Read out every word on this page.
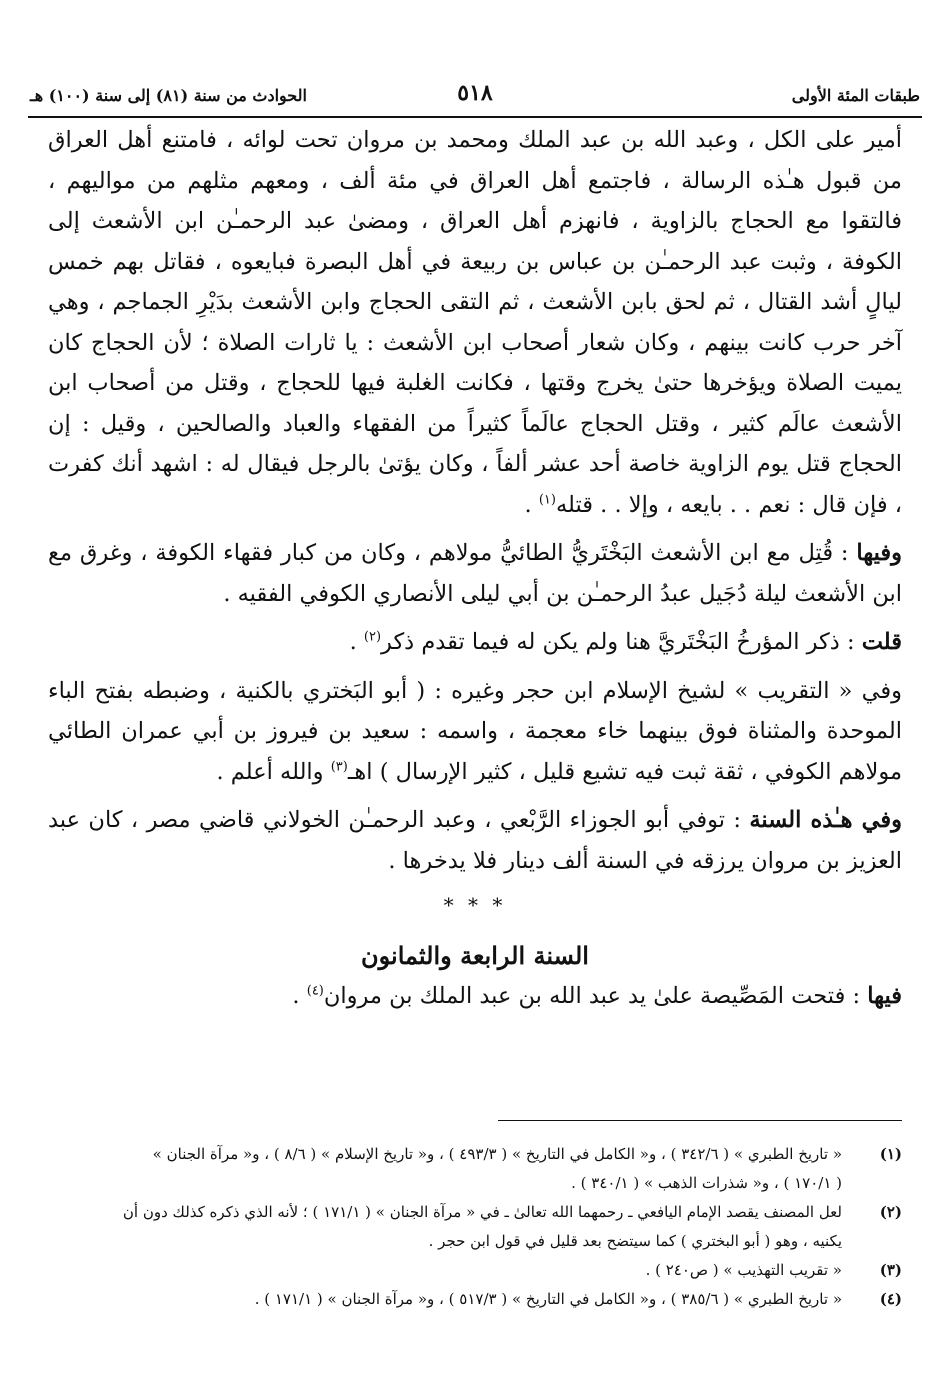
طبقات المئة الأولى
٥١٨
الحوادث من سنة (٨١) إلى سنة (١٠٠) هـ

أمير على الكل ، وعبد الله بن عبد الملك ومحمد بن مروان تحت لوائه ، فامتنع أهل العراق من قبول هـٰذه الرسالة ، فاجتمع أهل العراق في مئة ألف ، ومعهم مثلهم من مواليهم ، فالتقوا مع الحجاج بالزاوية ، فانهزم أهل العراق ، ومضىٰ عبد الرحمـٰن ابن الأشعث إلى الكوفة ، وثبت عبد الرحمـٰن بن عباس بن ربيعة في أهل البصرة فبايعوه ، فقاتل بهم خمس ليالٍ أشد القتال ، ثم لحق بابن الأشعث ، ثم التقى الحجاج وابن الأشعث بدَيْرِ الجماجم ، وهي آخر حرب كانت بينهم ، وكان شعار أصحاب ابن الأشعث : يا ثارات الصلاة ؛ لأن الحجاج كان يميت الصلاة ويؤخرها حتىٰ يخرج وقتها ، فكانت الغلبة فيها للحجاج ، وقتل من أصحاب ابن الأشعث عالَم كثير ، وقتل الحجاج عالَماً كثيراً من الفقهاء والعباد والصالحين ، وقيل : إن الحجاج قتل يوم الزاوية خاصة أحد عشر ألفاً ، وكان يؤتىٰ بالرجل فيقال له : اشهد أنك كفرت ، فإن قال : نعم . . بايعه ، وإلا . . قتله$^{(١)}$ .

وفيها : قُتِل مع ابن الأشعث البَخْتَريُّ الطائيُّ مولاهم ، وكان من كبار فقهاء الكوفة ، وغرق مع ابن الأشعث ليلة دُجَيل عبدُ الرحمـٰن بن أبي ليلى الأنصاري الكوفي الفقيه .

قلت : ذكر المؤرخُ البَخْتَريَّ هنا ولم يكن له فيما تقدم ذكر$^{(٢)}$ .

وفي « التقريب » لشيخ الإسلام ابن حجر وغيره : ( أبو البَختري بالكنية ، وضبطه بفتح الباء الموحدة والمثناة فوق بينهما خاء معجمة ، واسمه : سعيد بن فيروز بن أبي عمران الطائي مولاهم الكوفي ، ثقة ثبت فيه تشيع قليل ، كثير الإرسال ) اهـ$^{(٣)}$ والله أعلم .

وفي هـٰذه السنة : توفي أبو الجوزاء الرَّبْعي ، وعبد الرحمـٰن الخولاني قاضي مصر ، كان عبد العزيز بن مروان يرزقه في السنة ألف دينار فلا يدخرها .

* * *
السنة الرابعة والثمانون

فيها : فتحت المَصِّيصة علىٰ يد عبد الله بن عبد الملك بن مروان$^{(٤)}$ .

(١)
« تاريخ الطبري » ( ٣٤٢/٦ ) ، و« الكامل في التاريخ » ( ٤٩٣/٣ ) ، و« تاريخ الإسلام » ( ٨/٦ ) ، و« مرآة الجنان »
( ١٧٠/١ ) ، و« شذرات الذهب » ( ٣٤٠/١ ) .
(٢)
لعل المصنف يقصد الإمام اليافعي ـ رحمهما الله تعالىٰ ـ في « مرآة الجنان » ( ١٧١/١ ) ؛ لأنه الذي ذكره كذلك دون أن
يكنيه ، وهو ( أبو البختري ) كما سيتضح بعد قليل في قول ابن حجر .
(٣)
« تقريب التهذيب » ( ص٢٤٠ ) .
(٤)
« تاريخ الطبري » ( ٣٨٥/٦ ) ، و« الكامل في التاريخ » ( ٥١٧/٣ ) ، و« مرآة الجنان » ( ١٧١/١ ) .
